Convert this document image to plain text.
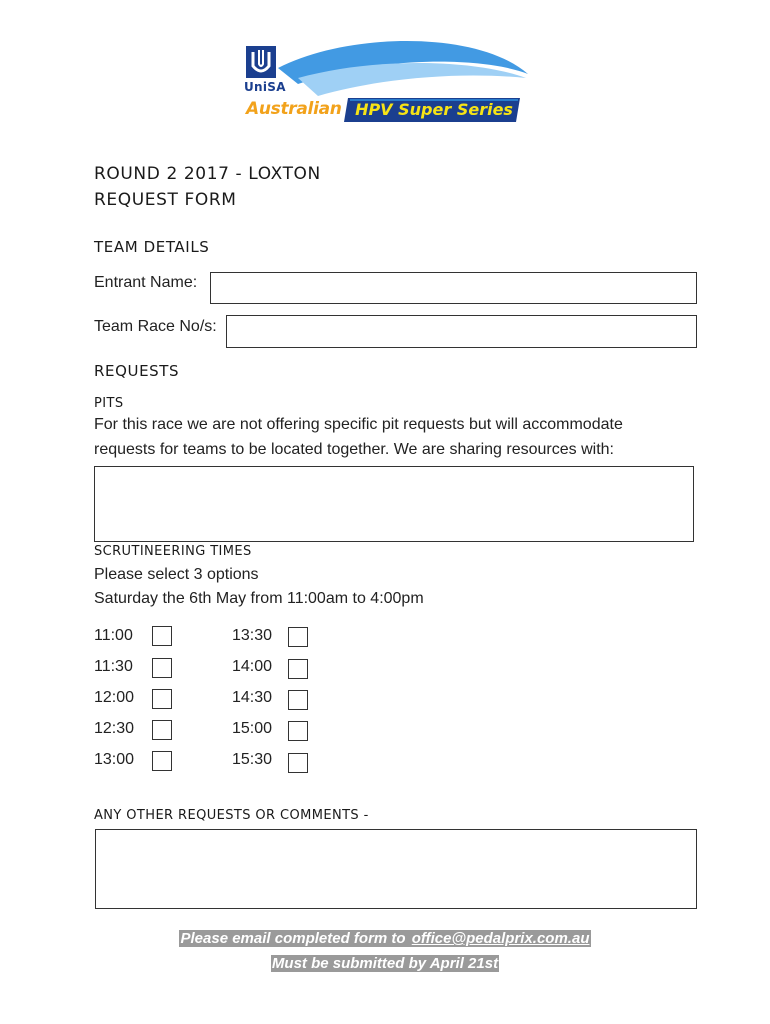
UniSA
Australian HPV Super Series
ROUND 2 2017 - LOXTON
REQUEST FORM
TEAM DETAILS
Entrant Name:
Team Race No/s:
REQUESTS
PITS
For this race we are not offering specific pit requests but will accommodate
requests for teams to be located together. We are sharing resources with:
SCRUTINEERING TIMES
Please select 3 options
Saturday the 6th May from 11:00am to 4:00pm
11:00
11:30
12:00
12:30
13:00
13:30
14:00
14:30
15:00
15:30
ANY OTHER REQUESTS OR COMMENTS -
Please email completed form to office@pedalprix.com.au
Must be submitted by April 21st
